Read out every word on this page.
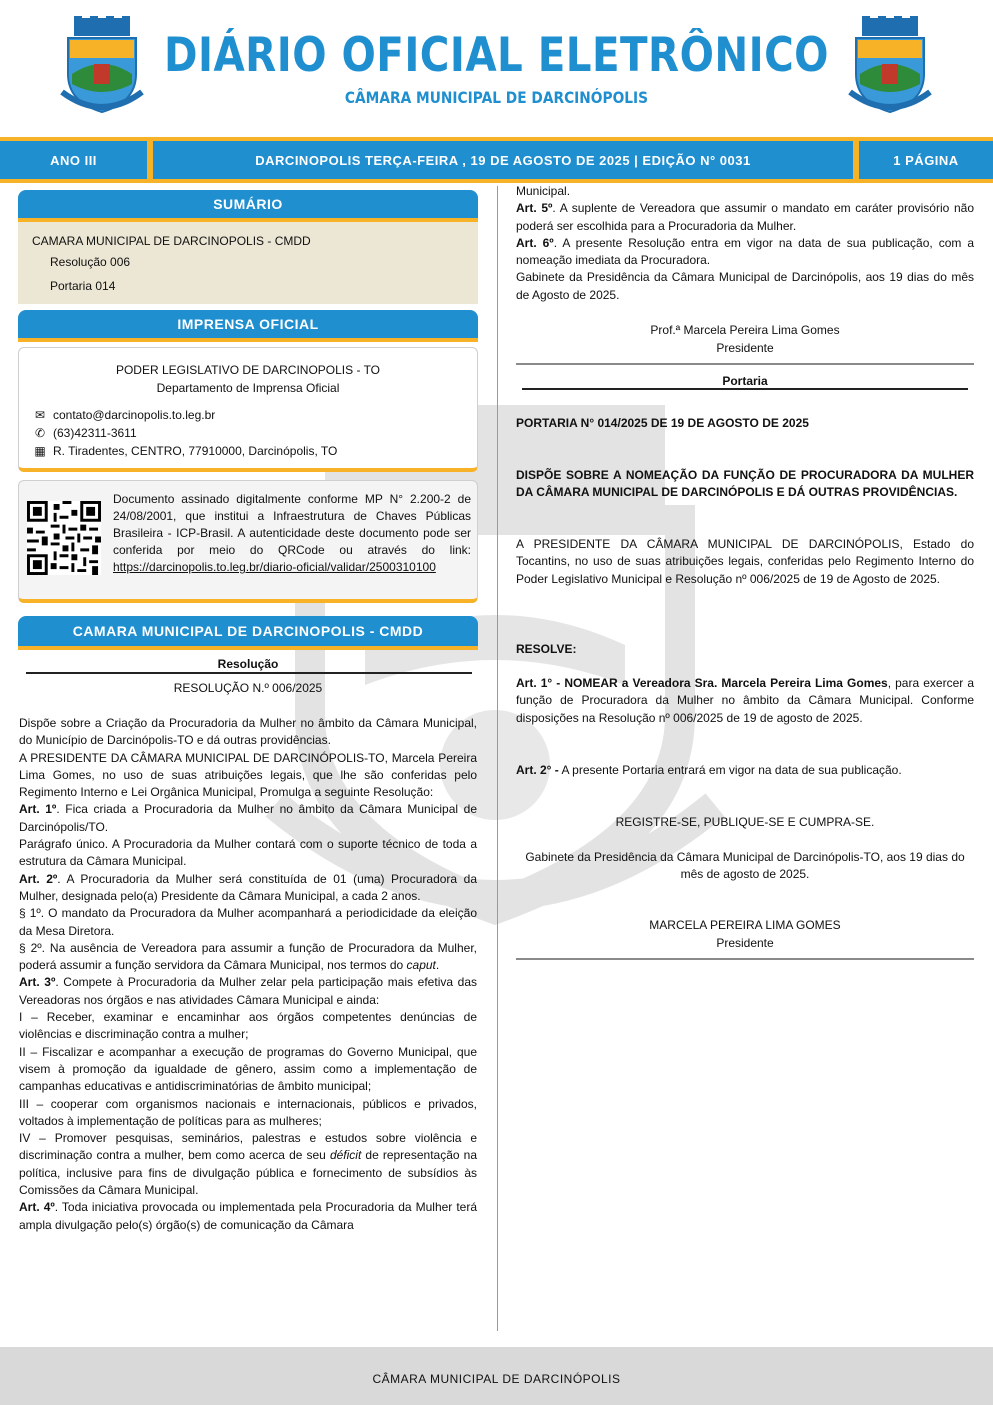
DIÁRIO OFICIAL ELETRÔNICO
CÂMARA MUNICIPAL DE DARCINÓPOLIS
ANO III	DARCINOPOLIS TERÇA-FEIRA , 19 DE AGOSTO DE 2025 | EDIÇÃO N° 0031	1 PÁGINA
SUMÁRIO
CAMARA MUNICIPAL DE DARCINOPOLIS - CMDD
Resolução 006
Portaria 014
IMPRENSA OFICIAL
PODER LEGISLATIVO DE DARCINOPOLIS - TO
Departamento de Imprensa Oficial
✉ contato@darcinopolis.to.leg.br
✆ (63)42311-3611
▦ R. Tiradentes, CENTRO, 77910000, Darcinópolis, TO
Documento assinado digitalmente conforme MP N° 2.200-2 de 24/08/2001, que institui a Infraestrutura de Chaves Públicas Brasileira - ICP-Brasil. A autenticidade deste documento pode ser conferida por meio do QRCode ou através do link: https://darcinopolis.to.leg.br/diario-oficial/validar/2500310100
CAMARA MUNICIPAL DE DARCINOPOLIS - CMDD
Resolução
RESOLUÇÃO N.º 006/2025
Dispõe sobre a Criação da Procuradoria da Mulher no âmbito da Câmara Municipal, do Município de Darcinópolis-TO e dá outras providências.
A PRESIDENTE DA CÂMARA MUNICIPAL DE DARCINÓPOLIS-TO, Marcela Pereira Lima Gomes, no uso de suas atribuições legais, que lhe são conferidas pelo Regimento Interno e Lei Orgânica Municipal, Promulga a seguinte Resolução:
Art. 1º. Fica criada a Procuradoria da Mulher no âmbito da Câmara Municipal de Darcinópolis/TO.
Parágrafo único. A Procuradoria da Mulher contará com o suporte técnico de toda a estrutura da Câmara Municipal.
Art. 2º. A Procuradoria da Mulher será constituída de 01 (uma) Procuradora da Mulher, designada pelo(a) Presidente da Câmara Municipal, a cada 2 anos.
§ 1º. O mandato da Procuradora da Mulher acompanhará a periodicidade da eleição da Mesa Diretora.
§ 2º. Na ausência de Vereadora para assumir a função de Procuradora da Mulher, poderá assumir a função servidora da Câmara Municipal, nos termos do caput.
Art. 3º. Compete à Procuradoria da Mulher zelar pela participação mais efetiva das Vereadoras nos órgãos e nas atividades Câmara Municipal e ainda:
I – Receber, examinar e encaminhar aos órgãos competentes denúncias de violências e discriminação contra a mulher;
II – Fiscalizar e acompanhar a execução de programas do Governo Municipal, que visem à promoção da igualdade de gênero, assim como a implementação de campanhas educativas e antidiscriminatórias de âmbito municipal;
III – cooperar com organismos nacionais e internacionais, públicos e privados, voltados à implementação de políticas para as mulheres;
IV – Promover pesquisas, seminários, palestras e estudos sobre violência e discriminação contra a mulher, bem como acerca de seu déficit de representação na política, inclusive para fins de divulgação pública e fornecimento de subsídios às Comissões da Câmara Municipal.
Art. 4º. Toda iniciativa provocada ou implementada pela Procuradoria da Mulher terá ampla divulgação pelo(s) órgão(s) de comunicação da Câmara
Municipal.
Art. 5º. A suplente de Vereadora que assumir o mandato em caráter provisório não poderá ser escolhida para a Procuradoria da Mulher.
Art. 6º. A presente Resolução entra em vigor na data de sua publicação, com a nomeação imediata da Procuradora.
Gabinete da Presidência da Câmara Municipal de Darcinópolis, aos 19 dias do mês de Agosto de 2025.
Prof.ª Marcela Pereira Lima Gomes
Presidente
Portaria
PORTARIA N° 014/2025 DE 19 DE AGOSTO DE 2025
DISPÕE SOBRE A NOMEAÇÃO DA FUNÇÃO DE PROCURADORA DA MULHER DA CÂMARA MUNICIPAL DE DARCINÓPOLIS E DÁ OUTRAS PROVIDÊNCIAS.
A PRESIDENTE DA CÂMARA MUNICIPAL DE DARCINÓPOLIS, Estado do Tocantins, no uso de suas atribuições legais, conferidas pelo Regimento Interno do Poder Legislativo Municipal e Resolução nº 006/2025 de 19 de Agosto de 2025.
RESOLVE:
Art. 1° - NOMEAR a Vereadora Sra. Marcela Pereira Lima Gomes, para exercer a função de Procuradora da Mulher no âmbito da Câmara Municipal. Conforme disposições na Resolução nº 006/2025 de 19 de agosto de 2025.
Art. 2° - A presente Portaria entrará em vigor na data de sua publicação.
REGISTRE-SE, PUBLIQUE-SE E CUMPRA-SE.
Gabinete da Presidência da Câmara Municipal de Darcinópolis-TO, aos 19 dias do mês de agosto de 2025.
MARCELA PEREIRA LIMA GOMES
Presidente
CÂMARA MUNICIPAL DE DARCINÓPOLIS
